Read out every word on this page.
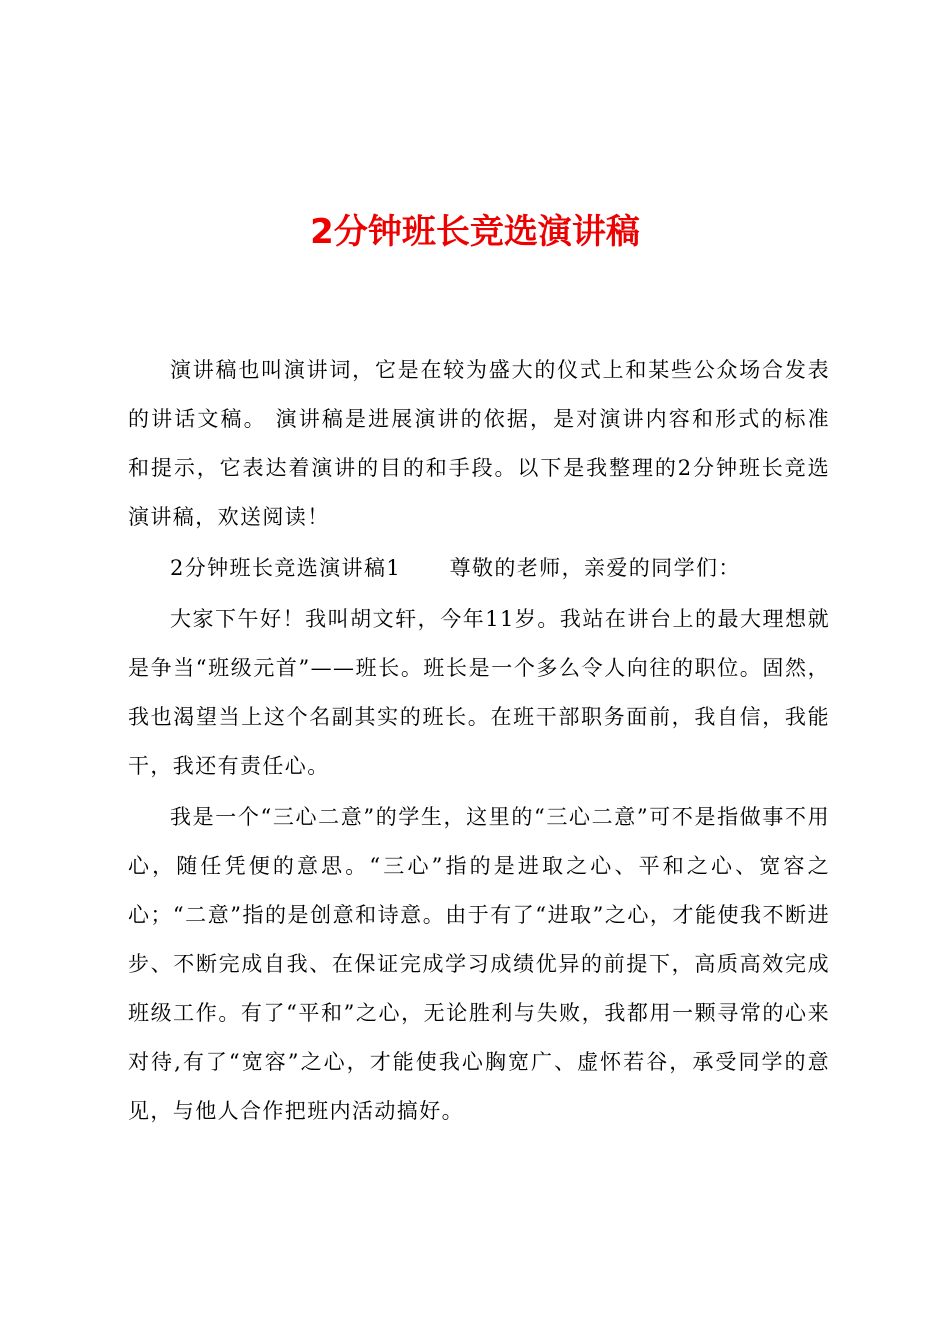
2分钟班长竞选演讲稿

演讲稿也叫演讲词，它是在较为盛大的仪式上和某些公众场合发表的讲话文稿。 演讲稿是进展演讲的依据，是对演讲内容和形式的标准和提示，它表达着演讲的目的和手段。以下是我整理的2分钟班长竞选演讲稿，欢送阅读！

2分钟班长竞选演讲稿1      尊敬的老师，亲爱的同学们：

大家下午好！我叫胡文轩，今年11岁。我站在讲台上的最大理想就是争当“班级元首”——班长。班长是一个多么令人向往的职位。固然，我也渴望当上这个名副其实的班长。在班干部职务面前，我自信，我能干，我还有责任心。

我是一个“三心二意”的学生，这里的“三心二意”可不是指做事不用心，随任凭便的意思。“三心”指的是进取之心、平和之心、宽容之心；“二意”指的是创意和诗意。由于有了“进取”之心，才能使我不断进步、不断完成自我、在保证完成学习成绩优异的前提下，高质高效完成班级工作。有了“平和”之心，无论胜利与失败，我都用一颗寻常的心来对待,有了“宽容”之心，才能使我心胸宽广、虚怀若谷，承受同学的意见，与他人合作把班内活动搞好。
